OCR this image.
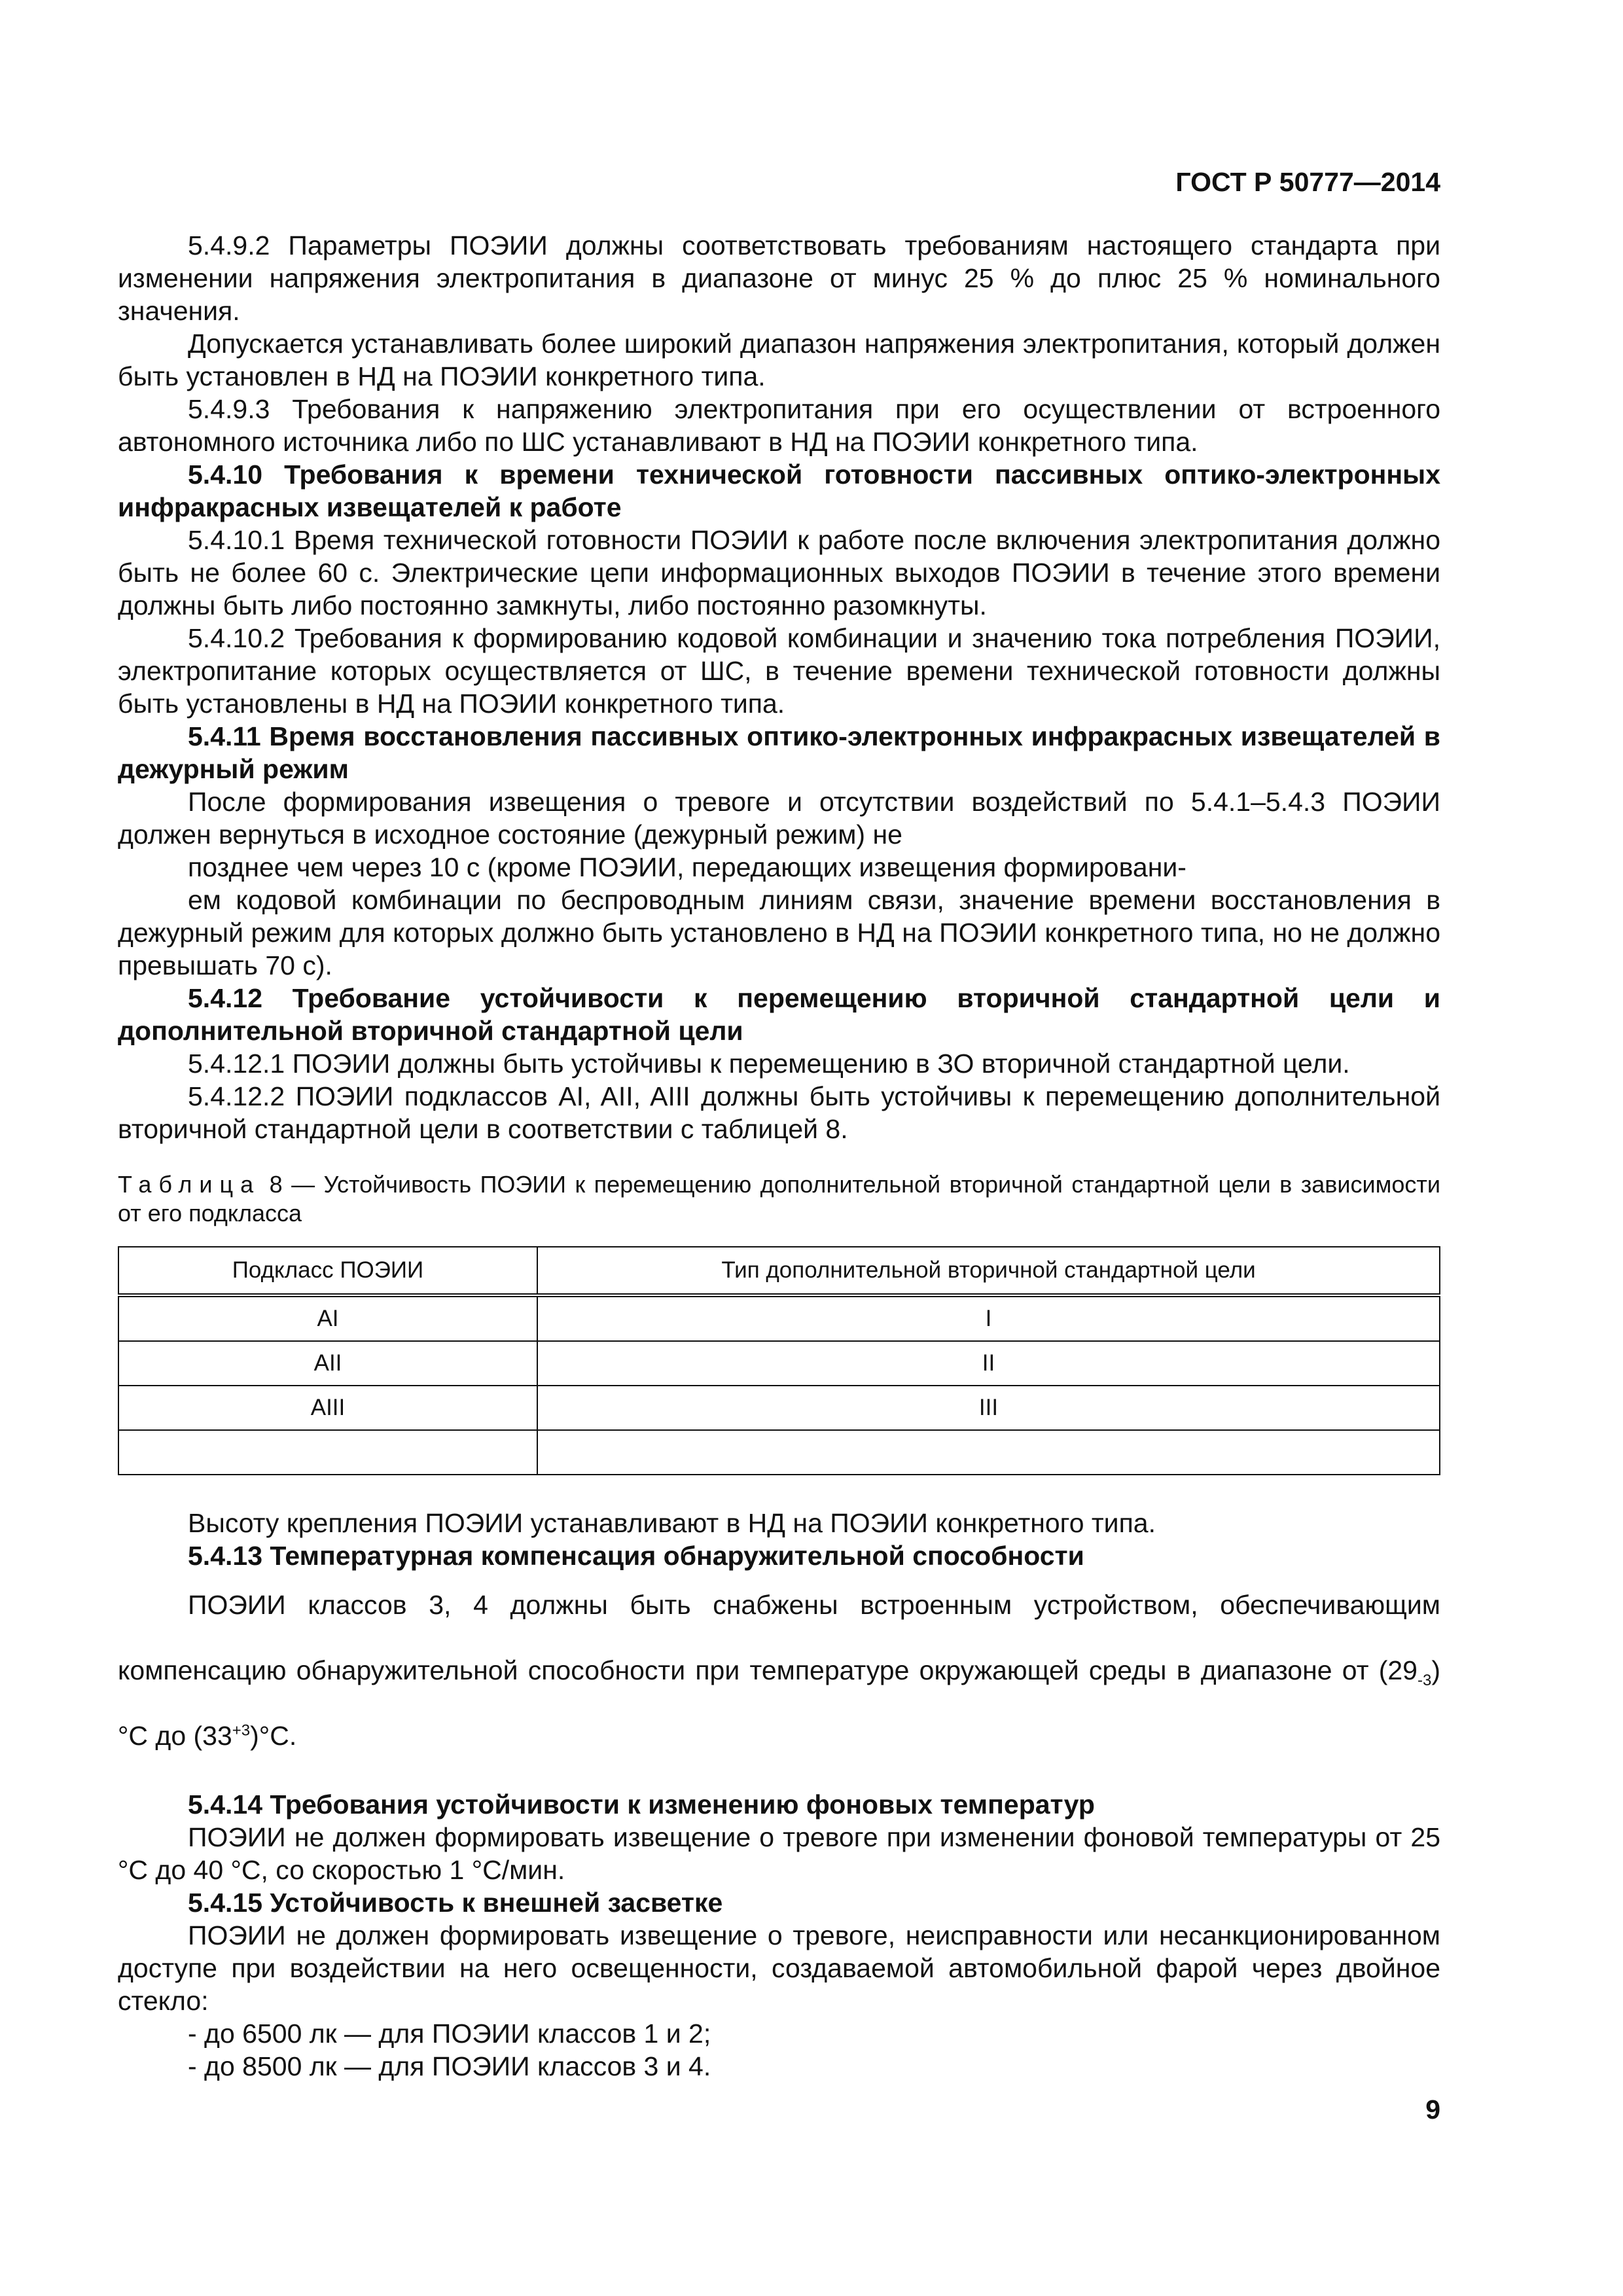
ГОСТ Р 50777—2014

5.4.9.2 Параметры ПОЭИИ должны соответствовать требованиям настоящего стандарта при изменении напряжения электропитания в диапазоне от минус 25 % до плюс 25 % номинального значения.

Допускается устанавливать более широкий диапазон напряжения электропитания, который должен быть установлен в НД на ПОЭИИ конкретного типа.

5.4.9.3 Требования к напряжению электропитания при его осуществлении от встроенного автономного источника либо по ШС устанавливают в НД на ПОЭИИ конкретного типа.

5.4.10 Требования к времени технической готовности пассивных оптико-электронных инфракрасных извещателей к работе

5.4.10.1 Время технической готовности ПОЭИИ к работе после включения электропитания должно быть не более 60 с. Электрические цепи информационных выходов ПОЭИИ в течение этого времени должны быть либо постоянно замкнуты, либо постоянно разомкнуты.

5.4.10.2 Требования к формированию кодовой комбинации и значению тока потребления ПОЭИИ, электропитание которых осуществляется от ШС, в течение времени технической готовности должны быть установлены в НД на ПОЭИИ конкретного типа.

5.4.11 Время восстановления пассивных оптико-электронных инфракрасных извещателей в дежурный режим

После формирования извещения о тревоге и отсутствии воздействий по 5.4.1–5.4.3 ПОЭИИ должен вернуться в исходное состояние (дежурный режим) не

позднее чем через 10 с (кроме ПОЭИИ, передающих извещения формировани-

ем кодовой комбинации по беспроводным линиям связи, значение времени восстановления в дежурный режим для которых должно быть установлено в НД на ПОЭИИ конкретного типа, но не должно превышать 70 с).

5.4.12 Требование устойчивости к перемещению вторичной стандартной цели и дополнительной вторичной стандартной цели

5.4.12.1 ПОЭИИ должны быть устойчивы к перемещению в ЗО вторичной стандартной цели.

5.4.12.2 ПОЭИИ подклассов AI, AII, AIII должны быть устойчивы к перемещению дополнительной вторичной стандартной цели в соответствии с таблицей 8.

Таблица 8 — Устойчивость ПОЭИИ к перемещению дополнительной вторичной стандартной цели в зависимости от его подкласса

Подкласс ПОЭИИ	Тип дополнительной вторичной стандартной цели
AI	I
AII	II
AIII	III

Высоту крепления ПОЭИИ устанавливают в НД на ПОЭИИ конкретного типа.

5.4.13 Температурная компенсация обнаружительной способности

ПОЭИИ классов 3, 4 должны быть снабжены встроенным устройством, обеспечивающим компенсацию обнаружительной способности при температуре окружающей среды в диапазоне от $(29_{-3})^\circ С$ до $(33^{+3})^\circ С$.

5.4.14 Требования устойчивости к изменению фоновых температур

ПОЭИИ не должен формировать извещение о тревоге при изменении фоновой температуры от 25 °С до 40 °С, со скоростью 1 °С/мин.

5.4.15 Устойчивость к внешней засветке

ПОЭИИ не должен формировать извещение о тревоге, неисправности или несанкционированном доступе при воздействии на него освещенности, создаваемой автомобильной фарой через двойное стекло:

- до 6500 лк — для ПОЭИИ классов 1 и 2;

- до 8500 лк — для ПОЭИИ классов 3 и 4.

9
